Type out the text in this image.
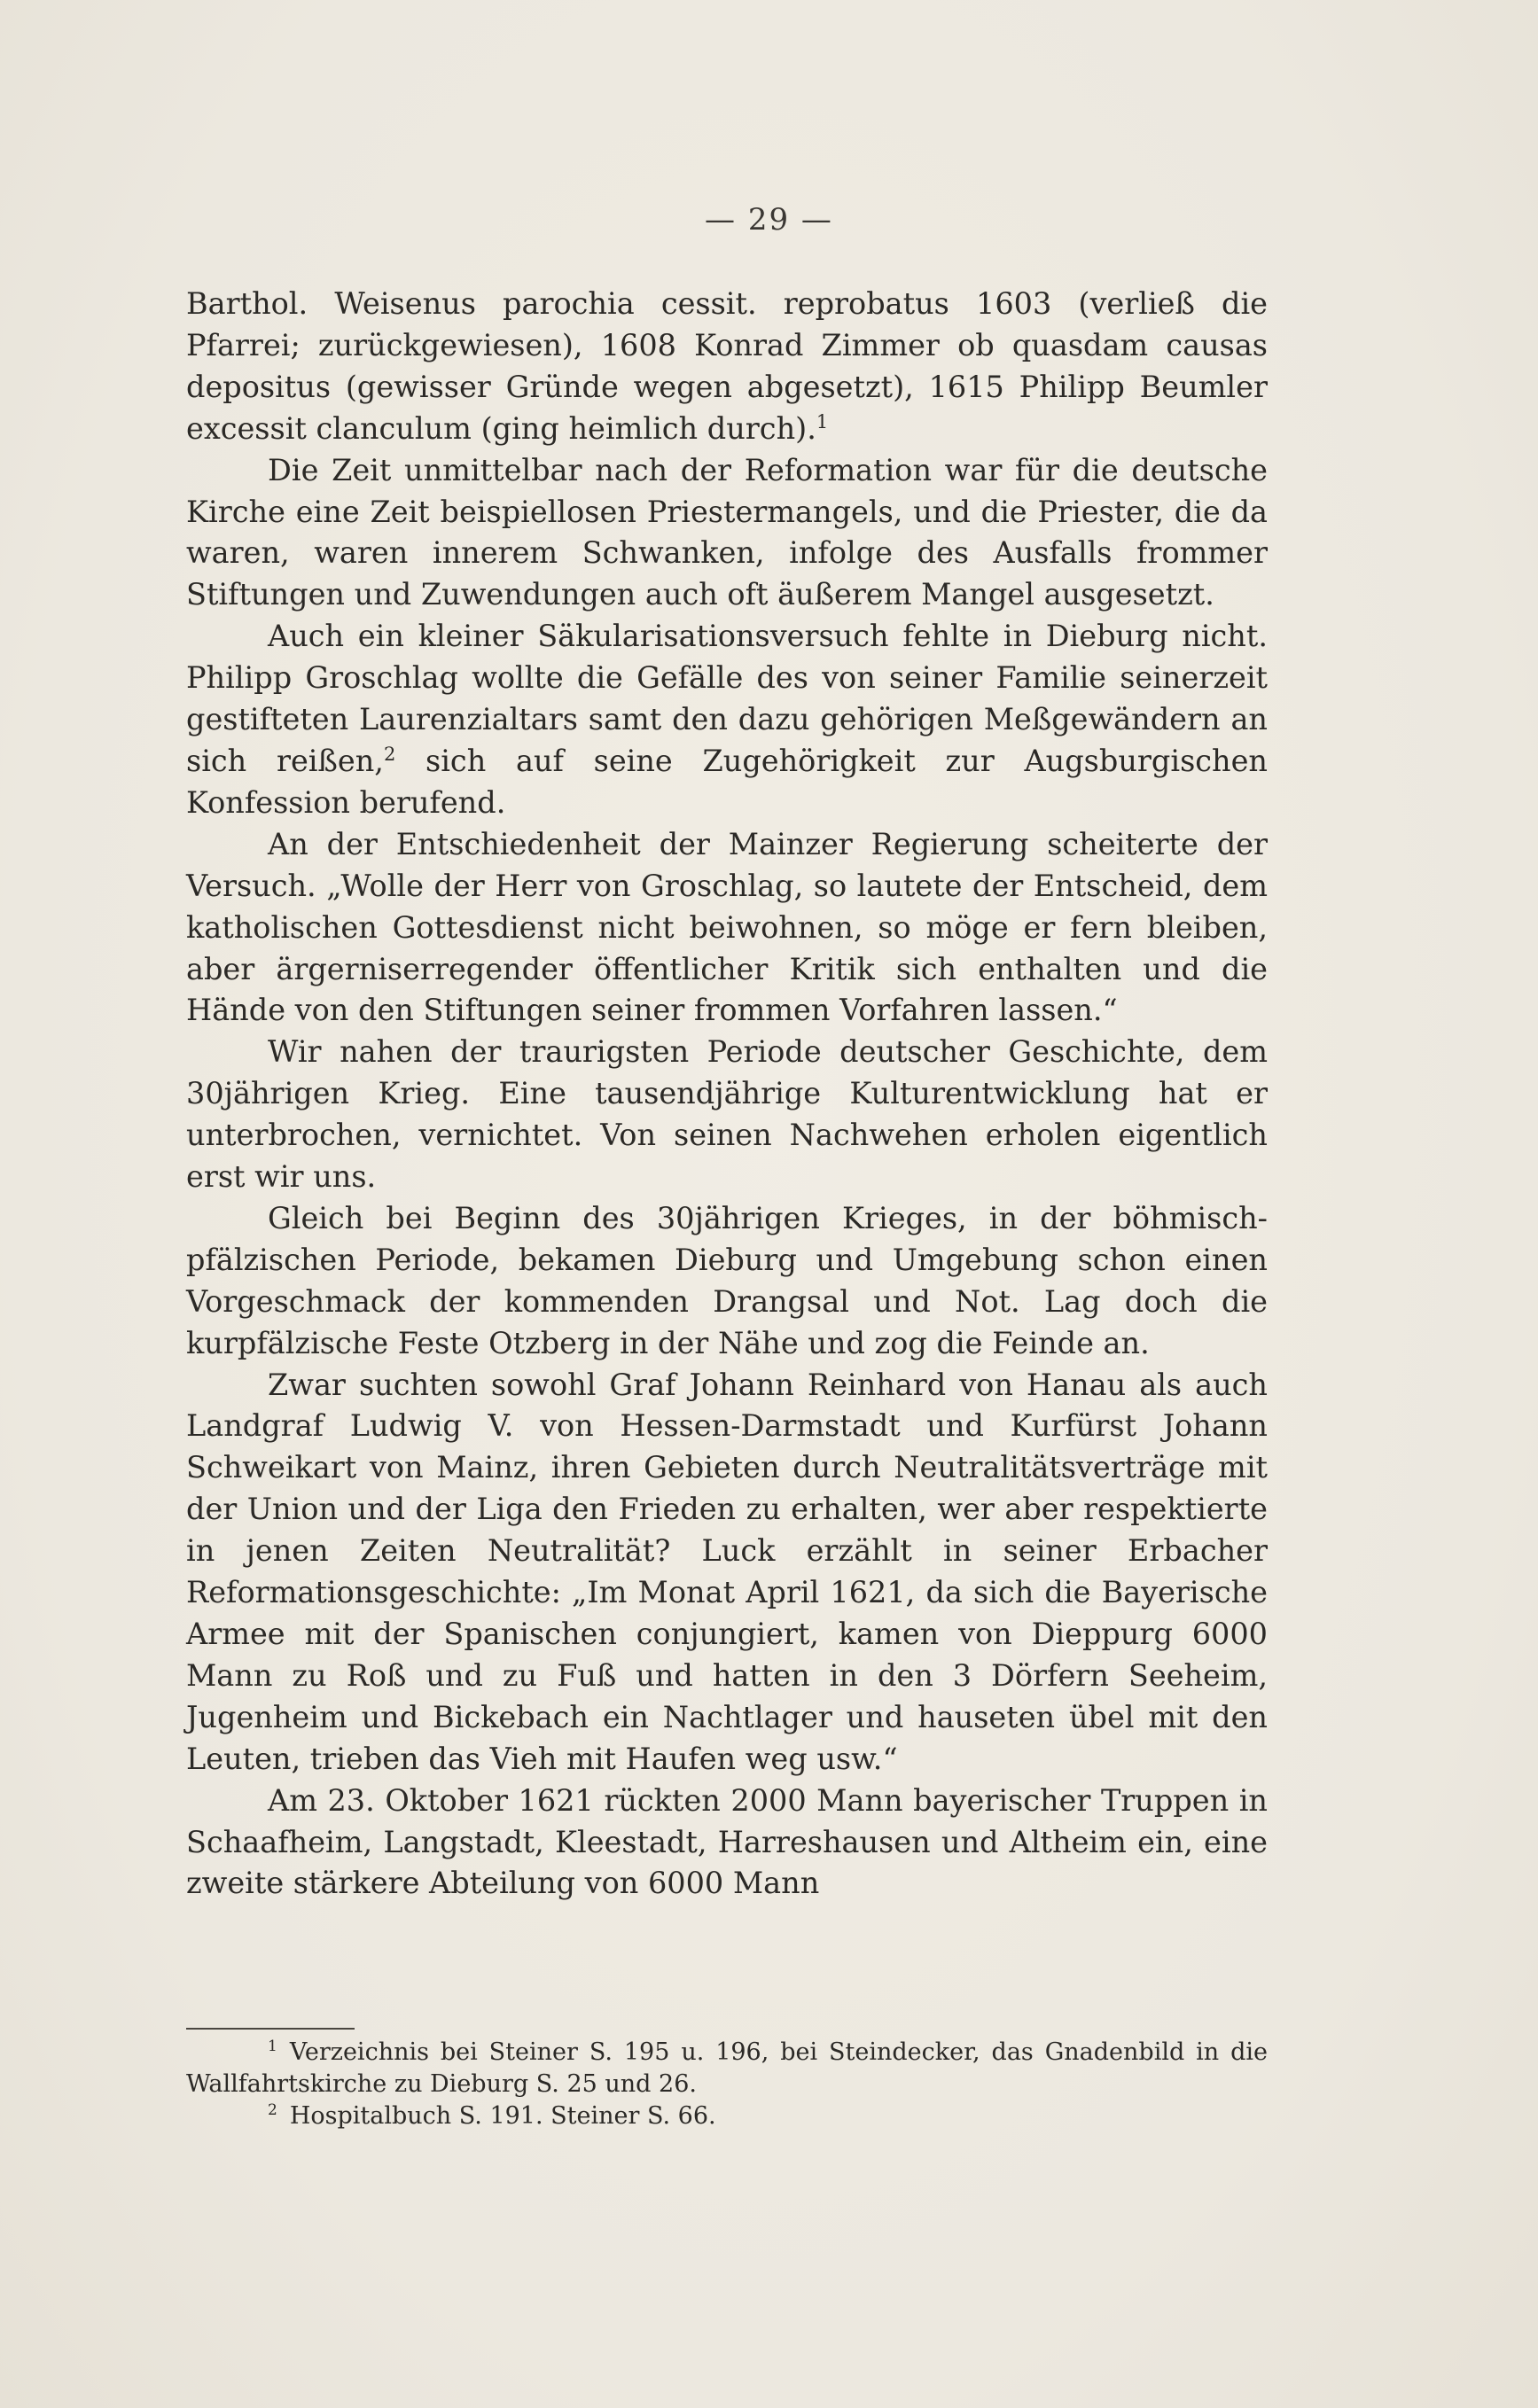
— 29 —

Barthol. Weisenus parochia cessit. reprobatus 1603 (verließ die Pfarrei; zurückgewiesen), 1608 Konrad Zimmer ob quasdam causas depositus (gewisser Gründe wegen abgesetzt), 1615 Philipp Beumler excessit clanculum (ging heimlich durch).$^1$

Die Zeit unmittelbar nach der Reformation war für die deutsche Kirche eine Zeit beispiellosen Priestermangels, und die Priester, die da waren, waren innerem Schwanken, infolge des Ausfalls frommer Stiftungen und Zuwendungen auch oft äußerem Mangel ausgesetzt.

Auch ein kleiner Säkularisationsversuch fehlte in Dieburg nicht. Philipp Groschlag wollte die Gefälle des von seiner Familie seinerzeit gestifteten Laurenzialtars samt den dazu gehörigen Meßgewändern an sich reißen,$^2$ sich auf seine Zugehörigkeit zur Augsburgischen Konfession berufend.

An der Entschiedenheit der Mainzer Regierung scheiterte der Versuch. „Wolle der Herr von Groschlag, so lautete der Entscheid, dem katholischen Gottesdienst nicht beiwohnen, so möge er fern bleiben, aber ärgerniserregender öffentlicher Kritik sich enthalten und die Hände von den Stiftungen seiner frommen Vorfahren lassen.“

Wir nahen der traurigsten Periode deutscher Geschichte, dem 30jährigen Krieg. Eine tausendjährige Kulturentwicklung hat er unterbrochen, vernichtet. Von seinen Nachwehen erholen eigentlich erst wir uns.

Gleich bei Beginn des 30jährigen Krieges, in der böhmisch-pfälzischen Periode, bekamen Dieburg und Umgebung schon einen Vorgeschmack der kommenden Drangsal und Not. Lag doch die kurpfälzische Feste Otzberg in der Nähe und zog die Feinde an.

Zwar suchten sowohl Graf Johann Reinhard von Hanau als auch Landgraf Ludwig V. von Hessen-Darmstadt und Kurfürst Johann Schweikart von Mainz, ihren Gebieten durch Neutralitätsverträge mit der Union und der Liga den Frieden zu erhalten, wer aber respektierte in jenen Zeiten Neutralität? Luck erzählt in seiner Erbacher Reformationsgeschichte: „Im Monat April 1621, da sich die Bayerische Armee mit der Spanischen conjungiert, kamen von Dieppurg 6000 Mann zu Roß und zu Fuß und hatten in den 3 Dörfern Seeheim, Jugenheim und Bickebach ein Nachtlager und hauseten übel mit den Leuten, trieben das Vieh mit Haufen weg usw.“

Am 23. Oktober 1621 rückten 2000 Mann bayerischer Truppen in Schaafheim, Langstadt, Kleestadt, Harreshausen und Altheim ein, eine zweite stärkere Abteilung von 6000 Mann

$^1$ Verzeichnis bei Steiner S. 195 u. 196, bei Steindecker, das Gnadenbild in die Wallfahrtskirche zu Dieburg S. 25 und 26.

$^2$ Hospitalbuch S. 191. Steiner S. 66.
